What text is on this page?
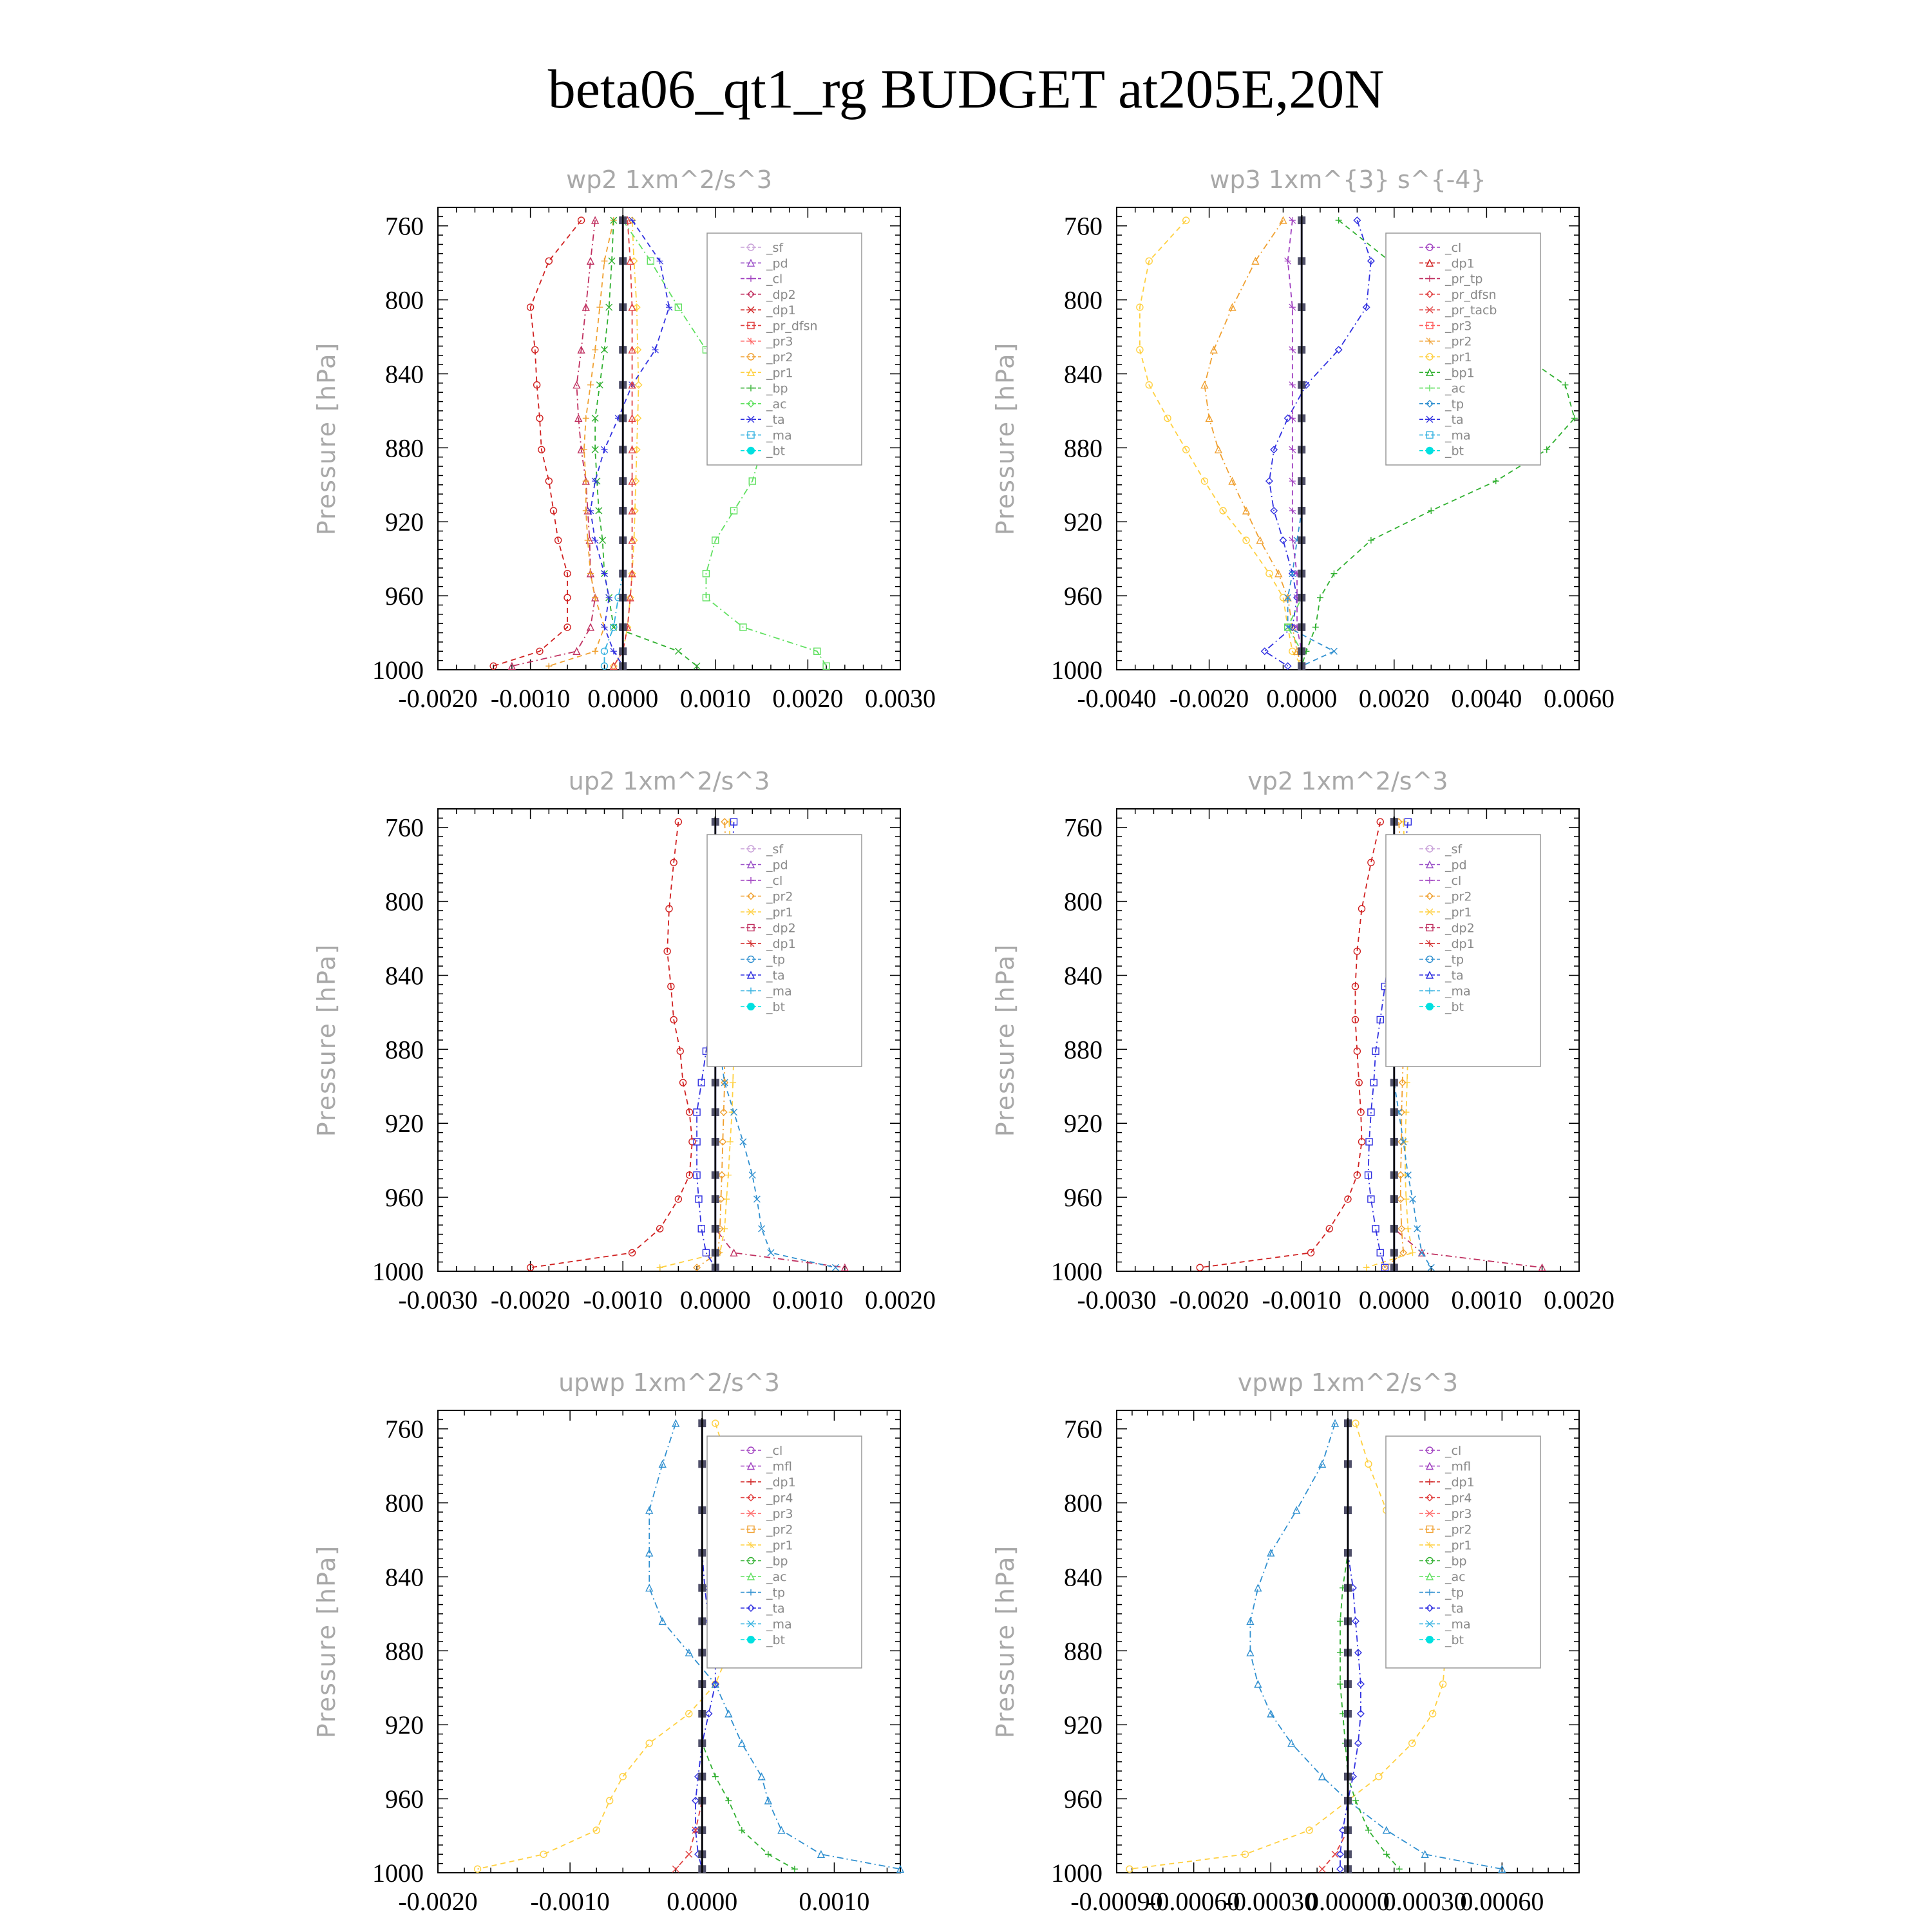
beta06_qt1_rg BUDGET at205E,20N
wp2 1xm^2/s^3
Pressure [hPa]
760
800
840
880
920
960
1000
-0.0020 -0.0010 0.0000 0.0010 0.0020 0.0030
_sf
_pd
_cl
_dp2
_dp1
_pr_dfsn
_pr3
_pr2
_pr1
_bp
_ac
_ta
_ma
_bt
wp3 1xm^{3} s^{-4}
Pressure [hPa]
760
800
840
880
920
960
1000
-0.0040 -0.0020 0.0000 0.0020 0.0040 0.0060
_cl
_dp1
_pr_tp
_pr_dfsn
_pr_tacb
_pr3
_pr2
_pr1
_bp1
_ac
_tp
_ta
_ma
_bt
up2 1xm^2/s^3
Pressure [hPa]
760
800
840
880
920
960
1000
-0.0030 -0.0020 -0.0010 0.0000 0.0010 0.0020
_sf
_pd
_cl
_pr2
_pr1
_dp2
_dp1
_tp
_ta
_ma
_bt
vp2 1xm^2/s^3
Pressure [hPa]
760
800
840
880
920
960
1000
-0.0030 -0.0020 -0.0010 0.0000 0.0010 0.0020
_sf
_pd
_cl
_pr2
_pr1
_dp2
_dp1
_tp
_ta
_ma
_bt
upwp 1xm^2/s^3
Pressure [hPa]
760
800
840
880
920
960
1000
-0.0020 -0.0010 0.0000 0.0010
_cl
_mfl
_dp1
_pr4
_pr3
_pr2
_pr1
_bp
_ac
_tp
_ta
_ma
_bt
vpwp 1xm^2/s^3
Pressure [hPa]
760
800
840
880
920
960
1000
-0.00090
-0.00060
-0.00030
0.00000
0.00030
0.00060
_cl
_mfl
_dp1
_pr4
_pr3
_pr2
_pr1
_bp
_ac
_tp
_ta
_ma
_bt
